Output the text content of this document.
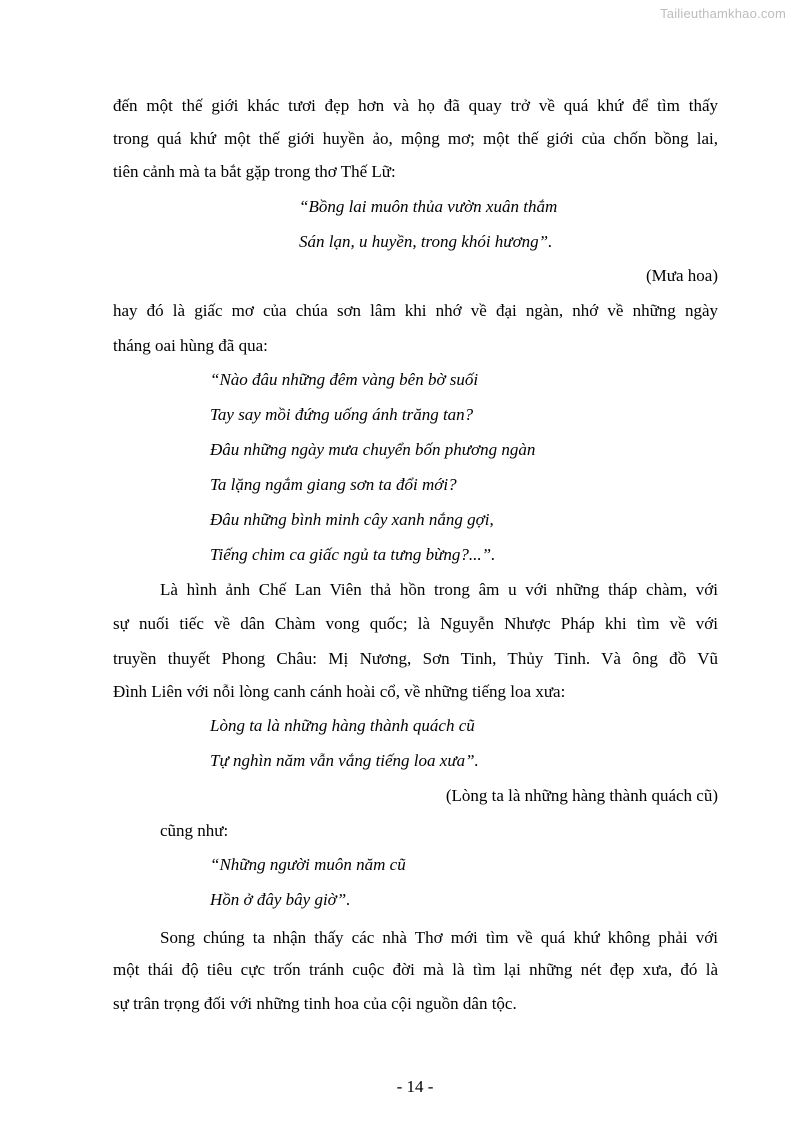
Tailieuthamkhao.com
đến một thế giới khác tươi đẹp hơn và họ đã quay trở về quá khứ để tìm thấy
trong quá khứ một thế giới huyền ảo, mộng mơ; một thế giới của chốn bồng lai,
tiên cảnh mà ta bắt gặp trong thơ Thế Lữ:
“Bồng lai muôn thủa vườn xuân thắm
Sán lạn, u huyền, trong khói hương”.
(Mưa hoa)
hay đó là giấc mơ của chúa sơn lâm khi nhớ về đại ngàn, nhớ về những ngày
tháng oai hùng đã qua:
“Nào đâu những đêm vàng bên bờ suối
Tay say mồi đứng uống ánh trăng tan?
Đâu những ngày mưa chuyển bốn phương ngàn
Ta lặng ngắm giang sơn ta đổi mới?
Đâu những bình minh cây xanh nắng gợi,
Tiếng chim ca giấc ngủ ta tưng bừng?...”.
Là hình ảnh Chế Lan Viên thả hồn trong âm u với những tháp chàm, với
sự nuối tiếc về dân Chàm vong quốc; là Nguyễn Nhược Pháp khi tìm về với
truyền thuyết Phong Châu: Mị Nương, Sơn Tinh, Thủy Tinh. Và ông đồ Vũ
Đình Liên với nỗi lòng canh cánh hoài cổ, về những tiếng loa xưa:
Lòng ta là những hàng thành quách cũ
Tự nghìn năm vẫn vắng tiếng loa xưa”.
(Lòng ta là những hàng thành quách cũ)
cũng như:
“Những người muôn năm cũ
Hồn ở đây bây giờ”.
Song chúng ta nhận thấy các nhà Thơ mới tìm về quá khứ không phải với
một thái độ tiêu cực trốn tránh cuộc đời mà là tìm lại những nét đẹp xưa, đó là
sự trân trọng đối với những tinh hoa của cội nguồn dân tộc.
- 14 -
